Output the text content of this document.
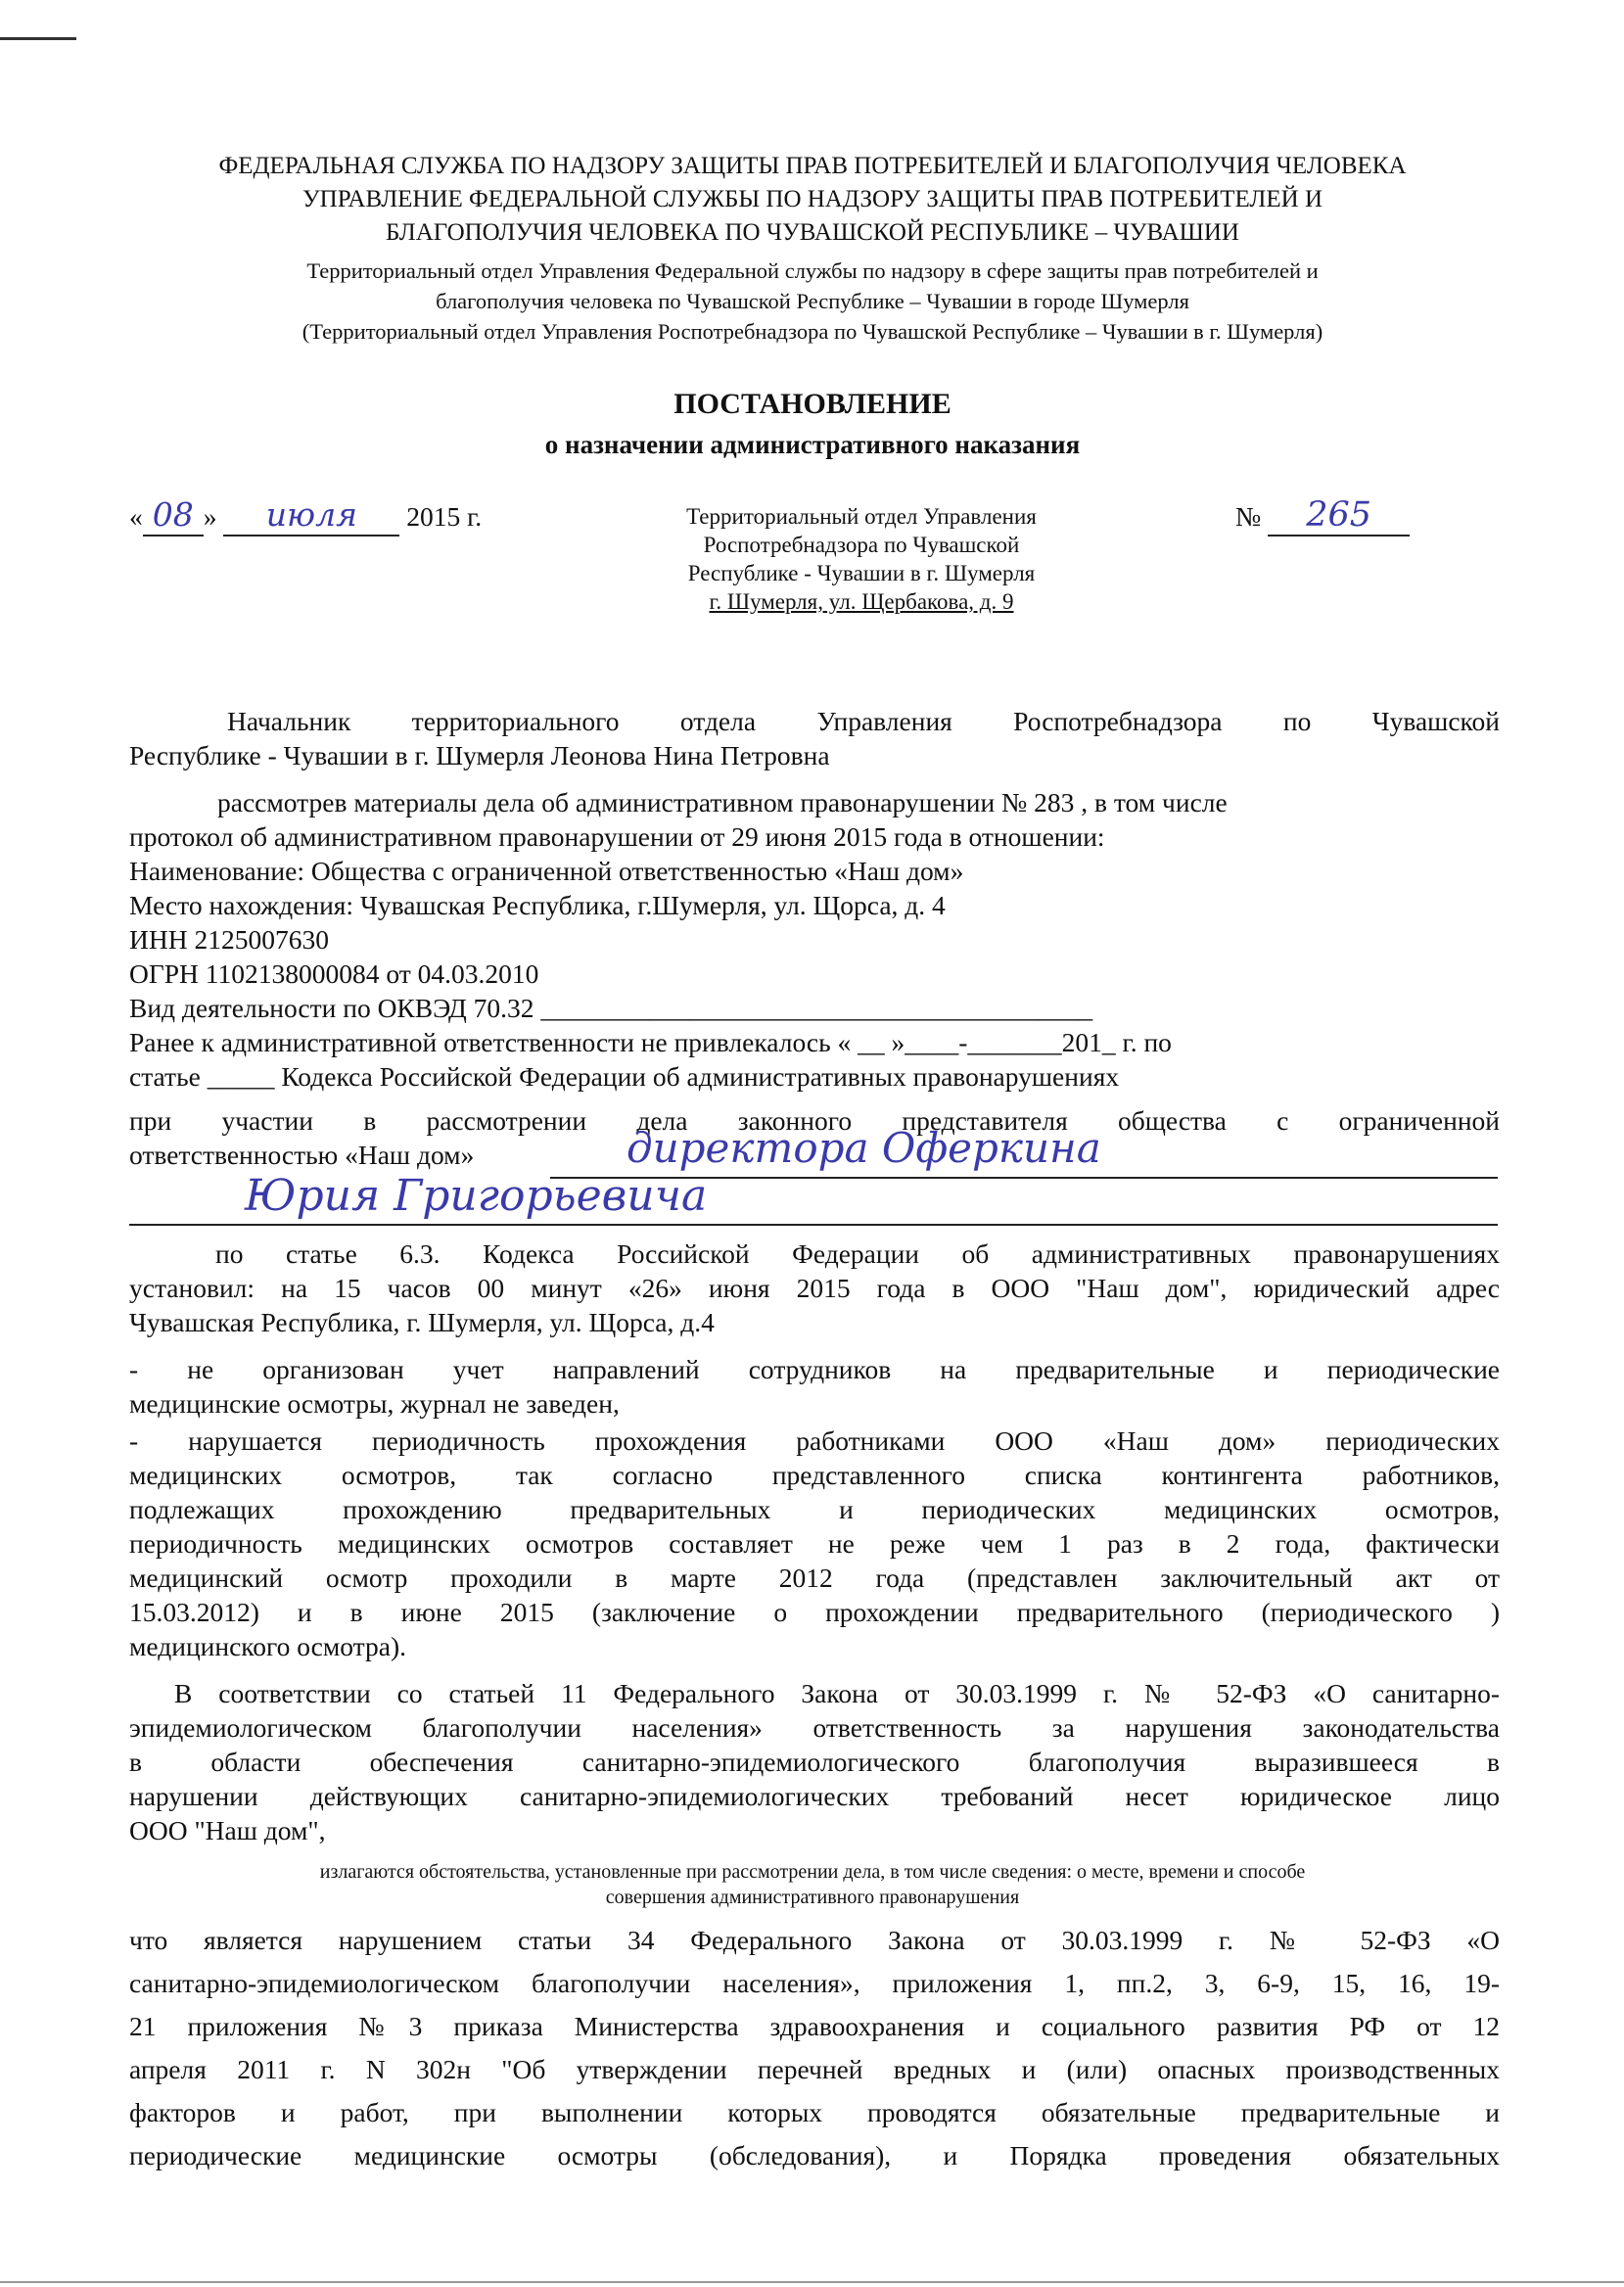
ФЕДЕРАЛЬНАЯ СЛУЖБА ПО НАДЗОРУ ЗАЩИТЫ ПРАВ ПОТРЕБИТЕЛЕЙ И БЛАГОПОЛУЧИЯ ЧЕЛОВЕКА
УПРАВЛЕНИЕ ФЕДЕРАЛЬНОЙ СЛУЖБЫ ПО НАДЗОРУ ЗАЩИТЫ ПРАВ ПОТРЕБИТЕЛЕЙ И
БЛАГОПОЛУЧИЯ ЧЕЛОВЕКА ПО ЧУВАШСКОЙ РЕСПУБЛИКЕ – ЧУВАШИИ
Территориальный отдел Управления Федеральной службы по надзору в сфере защиты прав потребителей и
благополучия человека по Чувашской Республике – Чувашии в городе Шумерля
(Территориальный отдел Управления Роспотребнадзора по Чувашской Республике – Чувашии в г. Шумерля)
ПОСТАНОВЛЕНИЕ
о назначении административного наказания
« 08 » июля 2015 г.	Территориальный отдел Управления
Роспотребнадзора по Чувашской
Республике - Чувашии в г. Шумерля
г. Шумерля, ул. Щербакова, д. 9
№ 265
Начальник территориального отдела Управления Роспотребнадзора по Чувашской
Республике - Чувашии в г. Шумерля Леонова Нина Петровна
рассмотрев материалы дела об административном правонарушении № 283 , в том числе
протокол об административном правонарушении от 29 июня 2015 года в отношении:
Наименование: Общества с ограниченной ответственностью «Наш дом»
Место нахождения: Чувашская Республика, г.Шумерля, ул. Щорса, д. 4
ИНН 2125007630
ОГРН 1102138000084 от 04.03.2010
Вид деятельности по ОКВЭД 70.32 _________________________________________
Ранее к административной ответственности не привлекалось « __ »____-_______201_ г. по
статье _____ Кодекса Российской Федерации об административных правонарушениях
при участии в рассмотрении дела законного представителя общества с ограниченной
ответственностью «Наш дом»	директора Оферкина
Юрия Григорьевича
по статье 6.3. Кодекса Российской Федерации об административных правонарушениях
установил: на 15 часов 00 минут «26» июня 2015 года в ООО "Наш дом", юридический адрес
Чувашская Республика, г. Шумерля, ул. Щорса, д.4
- не организован учет направлений сотрудников на предварительные и периодические
медицинские осмотры, журнал не заведен,
- нарушается периодичность прохождения работниками ООО «Наш дом» периодических
медицинских осмотров, так согласно представленного списка контингента работников,
подлежащих прохождению предварительных и периодических медицинских осмотров,
периодичность медицинских осмотров составляет не реже чем 1 раз в 2 года, фактически
медицинский осмотр проходили в марте 2012 года (представлен заключительный акт от
15.03.2012) и в июне 2015 (заключение о прохождении предварительного (периодического )
медицинского осмотра).
В соответствии со статьей 11 Федерального Закона от 30.03.1999 г. № 52-ФЗ «О санитарно-
эпидемиологическом благополучии населения» ответственность за нарушения законодательства
в области обеспечения санитарно-эпидемиологического благополучия выразившееся в
нарушении действующих санитарно-эпидемиологических требований несет юридическое лицо
ООО "Наш дом",
излагаются обстоятельства, установленные при рассмотрении дела, в том числе сведения: о месте, времени и способе
совершения административного правонарушения
что является нарушением статьи 34 Федерального Закона от 30.03.1999 г. № 52-ФЗ «О
санитарно-эпидемиологическом благополучии населения», приложения 1, пп.2, 3, 6-9, 15, 16, 19-
21 приложения №3 приказа Министерства здравоохранения и социального развития РФ от 12
апреля 2011 г. N 302н "Об утверждении перечней вредных и (или) опасных производственных
факторов и работ, при выполнении которых проводятся обязательные предварительные и
периодические медицинские осмотры (обследования), и Порядка проведения обязательных
